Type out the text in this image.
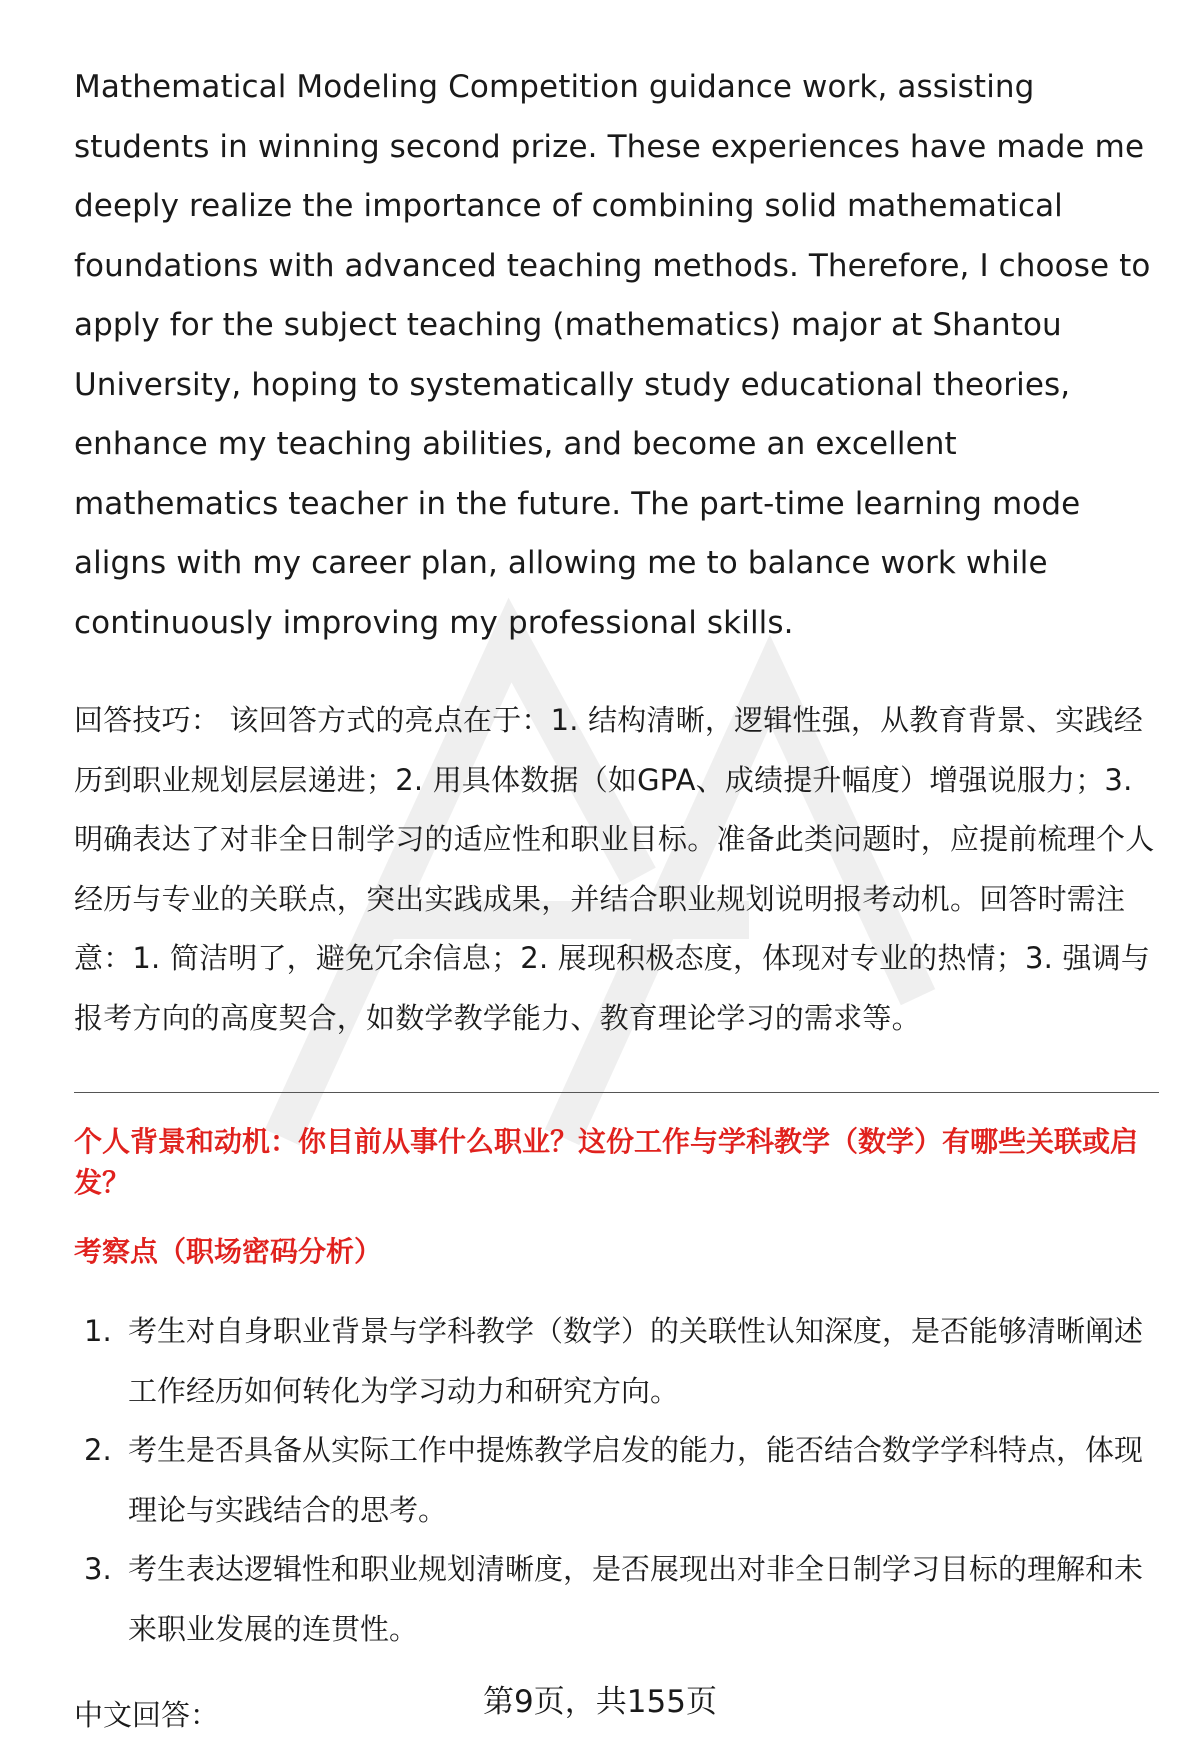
Mathematical Modeling Competition guidance work, assisting students in winning second prize. These experiences have made me deeply realize the importance of combining solid mathematical foundations with advanced teaching methods. Therefore, I choose to apply for the subject teaching (mathematics) major at Shantou University, hoping to systematically study educational theories, enhance my teaching abilities, and become an excellent mathematics teacher in the future. The part-time learning mode aligns with my career plan, allowing me to balance work while continuously improving my professional skills.

回答技巧： 该回答方式的亮点在于：1. 结构清晰，逻辑性强，从教育背景、实践经历到职业规划层层递进；2. 用具体数据（如GPA、成绩提升幅度）增强说服力；3. 明确表达了对非全日制学习的适应性和职业目标。准备此类问题时，应提前梳理个人经历与专业的关联点，突出实践成果，并结合职业规划说明报考动机。回答时需注意：1. 简洁明了，避免冗余信息；2. 展现积极态度，体现对专业的热情；3. 强调与报考方向的高度契合，如数学教学能力、教育理论学习的需求等。

个人背景和动机：你目前从事什么职业？这份工作与学科教学（数学）有哪些关联或启发？
考察点（职场密码分析）
1. 考生对自身职业背景与学科教学（数学）的关联性认知深度，是否能够清晰阐述工作经历如何转化为学习动力和研究方向。
2. 考生是否具备从实际工作中提炼教学启发的能力，能否结合数学学科特点，体现理论与实践结合的思考。
3. 考生表达逻辑性和职业规划清晰度，是否展现出对非全日制学习目标的理解和未来职业发展的连贯性。
中文回答：	第9页，共155页
